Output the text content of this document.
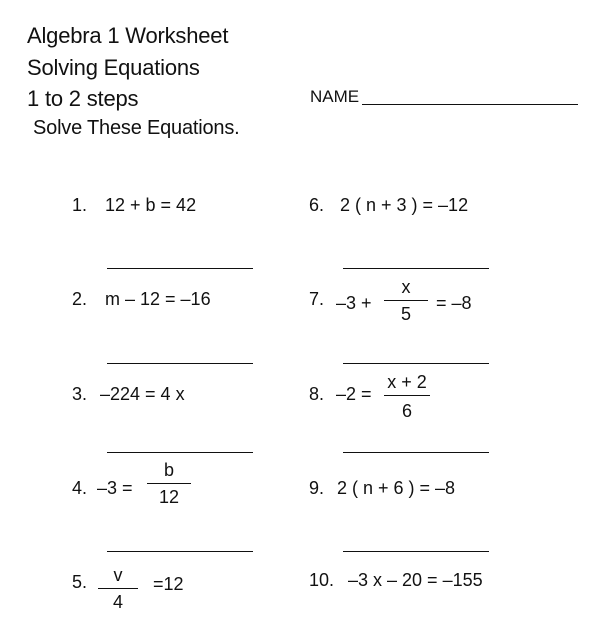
Algebra 1 Worksheet
Solving Equations
1 to 2 steps
Solve These Equations.
NAME
1. 12 + b = 42
2. m – 12 = –16
3. –224 = 4 x
4. $-3 = \frac{b}{12}$
5. $\frac{v}{4} =12$
6. 2 ( n + 3 ) = –12
7. $-3 + \frac{x}{5} = -8$
8. $-2 = \frac{x + 2}{6}$
9. 2 ( n + 6 ) = –8
10. –3 x – 20 = –155
